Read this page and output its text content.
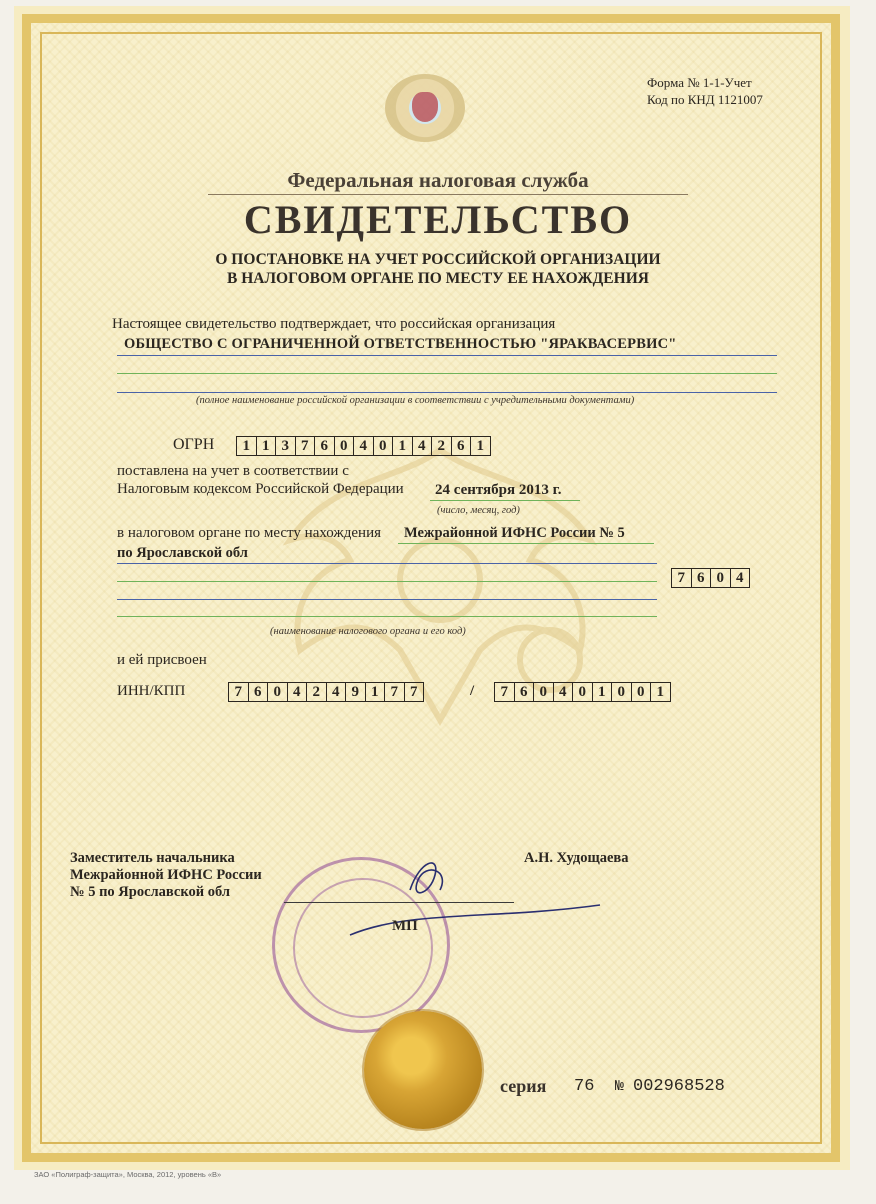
Форма № 1-1-Учет
Код по КНД 1121007
Федеральная налоговая служба
СВИДЕТЕЛЬСТВО
О ПОСТАНОВКЕ НА УЧЕТ РОССИЙСКОЙ ОРГАНИЗАЦИИ
В НАЛОГОВОМ ОРГАНЕ ПО МЕСТУ ЕЕ НАХОЖДЕНИЯ
Настоящее свидетельство подтверждает, что российская организация
ОБЩЕСТВО С ОГРАНИЧЕННОЙ ОТВЕТСТВЕННОСТЬЮ "ЯРАКВАСЕРВИС"
(полное наименование российской организации в соответствии с учредительными документами)
ОГРН	1 1 3 7 6 0 4 0 1 4 2 6 1
поставлена на учет в соответствии с
Налоговым кодексом Российской Федерации 24 сентября 2013 г.
(число, месяц, год)
в налоговом органе по месту нахождения Межрайонной ИФНС России № 5
по Ярославской обл
7 6 0 4
(наименование налогового органа и его код)
и ей присвоен
ИНН/КПП	7 6 0 4 2 4 9 1 7 7	/	7 6 0 4 0 1 0 0 1
Заместитель начальника
Межрайонной ИФНС России
№ 5 по Ярославской обл
А.Н. Худощаева
МП
серия 76 № 002968528
ЗАО «Полиграф-защита», Москва, 2012, уровень «В»
